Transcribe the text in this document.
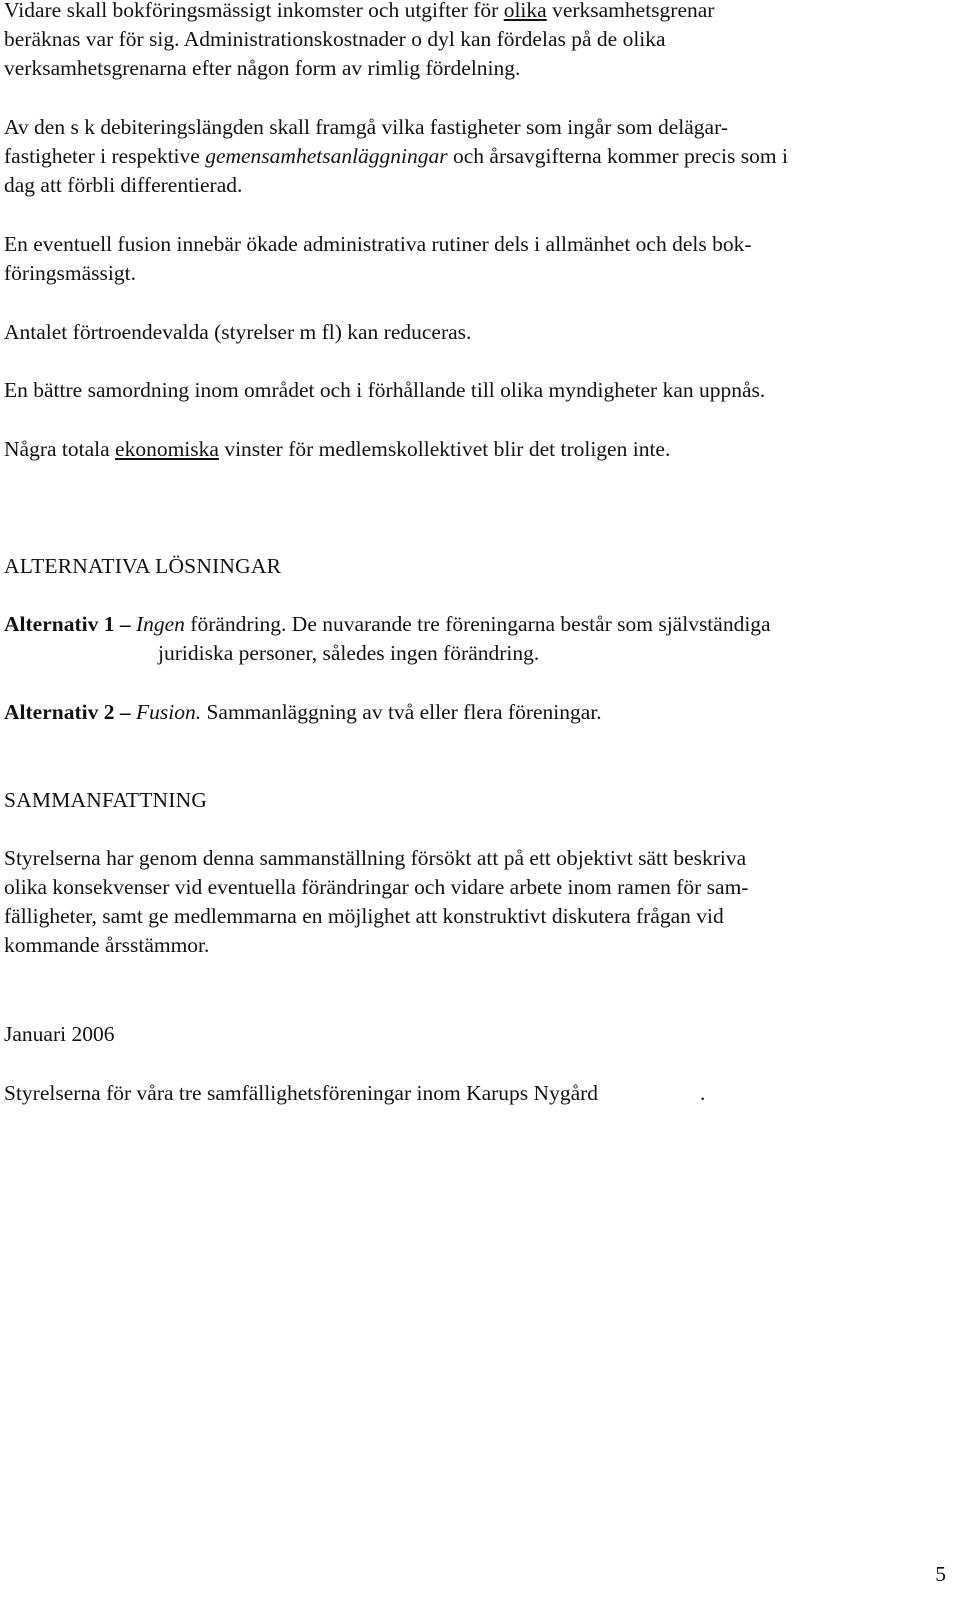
Vidare skall bokföringsmässigt inkomster och utgifter för olika verksamhetsgrenar
beräknas var för sig. Administrationskostnader o dyl kan fördelas på de olika
verksamhetsgrenarna efter någon form av rimlig fördelning.

Av den s k debiteringslängden skall framgå vilka fastigheter som ingår som delägar-
fastigheter i respektive gemensamhetsanläggningar och årsavgifterna kommer precis som i
dag att förbli differentierad.

En eventuell fusion innebär ökade administrativa rutiner dels i allmänhet och dels bok-
föringsmässigt.

Antalet förtroendevalda (styrelser m fl) kan reduceras.

En bättre samordning inom området och i förhållande till olika myndigheter kan uppnås.

Några totala ekonomiska vinster för medlemskollektivet blir det troligen inte.

ALTERNATIVA LÖSNINGAR

Alternativ 1 – Ingen förändring. De nuvarande tre föreningarna består som självständiga
juridiska personer, således ingen förändring.
Alternativ 2 – Fusion. Sammanläggning av två eller flera föreningar.

SAMMANFATTNING

Styrelserna har genom denna sammanställning försökt att på ett objektivt sätt beskriva
olika konsekvenser vid eventuella förändringar och vidare arbete inom ramen för sam-
fälligheter, samt ge medlemmarna en möjlighet att konstruktivt diskutera frågan vid
kommande årsstämmor.

Januari 2006

Styrelserna för våra tre samfällighetsföreningar inom Karups Nygård	.

5
